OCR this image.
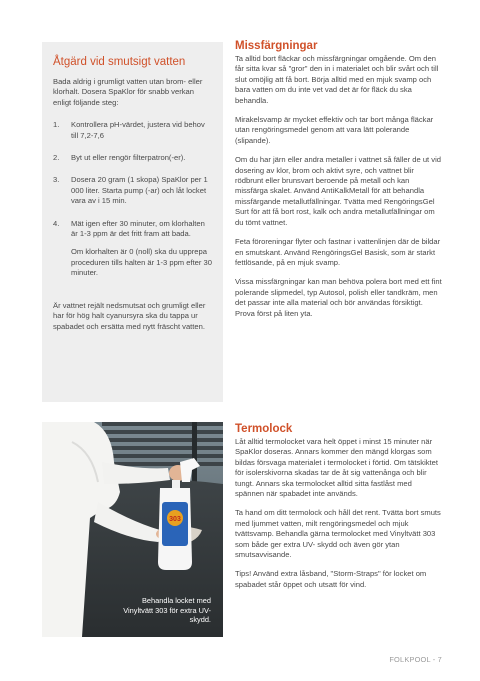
Åtgärd vid smutsigt vatten

Bada aldrig i grumligt vatten utan brom- eller klorhalt. Dosera SpaKlor för snabb verkan enligt följande steg:

1.	Kontrollera pH-värdet, justera vid behov till 7,2-7,6

2.	Byt ut eller rengör filterpatron(-er).

3.	Dosera 20 gram (1 skopa) SpaKlor per 1 000 liter. Starta pump (-ar) och låt locket vara av i 15 min.

4.	Mät igen efter 30 minuter, om klorhalten är 1-3 ppm är det fritt fram att bada.

Om klorhalten är 0 (noll) ska du upprepa proceduren tills halten är 1-3 ppm efter 30 minuter.

Är vattnet rejält nedsmutsat och grumligt eller har för hög halt cyanursyra ska du tappa ur spabadet och ersätta med nytt fräscht vatten.

303
Behandla locket med Vinyltvätt 303 för extra UV-skydd.
Missfärgningar

Ta alltid bort fläckar och missfärgningar omgående. Om den får sitta kvar så "gror" den in i materialet och blir svårt och till slut omöjlig att få bort. Börja alltid med en mjuk svamp och bara vatten om du inte vet vad det är för fläck du ska behandla.

Mirakelsvamp är mycket effektiv och tar bort många fläckar utan rengöringsmedel genom att vara lätt polerande (slipande).

Om du har järn eller andra metaller i vattnet så fäller de ut vid dosering av klor, brom och aktivt syre, och vattnet blir rödbrunt eller brunsvart beroende på metall och kan missfärga skalet. Använd AntiKalkMetall för att behandla missfärgande metallutfällningar. Tvätta med RengöringsGel Surt för att få bort rost, kalk och andra metallutfällningar om du tömt vattnet.

Feta föroreningar flyter och fastnar i vattenlinjen där de bildar en smutskant. Använd RengöringsGel Basisk, som är starkt fettlösande, på en mjuk svamp.

Vissa missfärgningar kan man behöva polera bort med ett fint polerande slipmedel, typ Autosol, polish eller tandkräm, men det passar inte alla material och bör användas försiktigt. Prova först på liten yta.

Termolock

Låt alltid termolocket vara helt öppet i minst 15 minuter när SpaKlor doseras. Annars kommer den mängd klorgas som bildas försvaga materialet i termolocket i förtid. Om tätskiktet för isolerskivorna skadas tar de åt sig vattenånga och blir tungt. Annars ska termolocket alltid sitta fastlåst med spännen när spabadet inte används.

Ta hand om ditt termolock och håll det rent. Tvätta bort smuts med ljummet vatten, milt rengöringsmedel och mjuk tvättsvamp. Behandla gärna termolocket med Vinyltvätt 303 som både ger extra UV- skydd och även gör ytan smutsavvisande.

Tips! Använd extra låsband, "Storm-Straps" för locket om spabadet står öppet och utsatt för vind.

FOLKPOOL - 7
